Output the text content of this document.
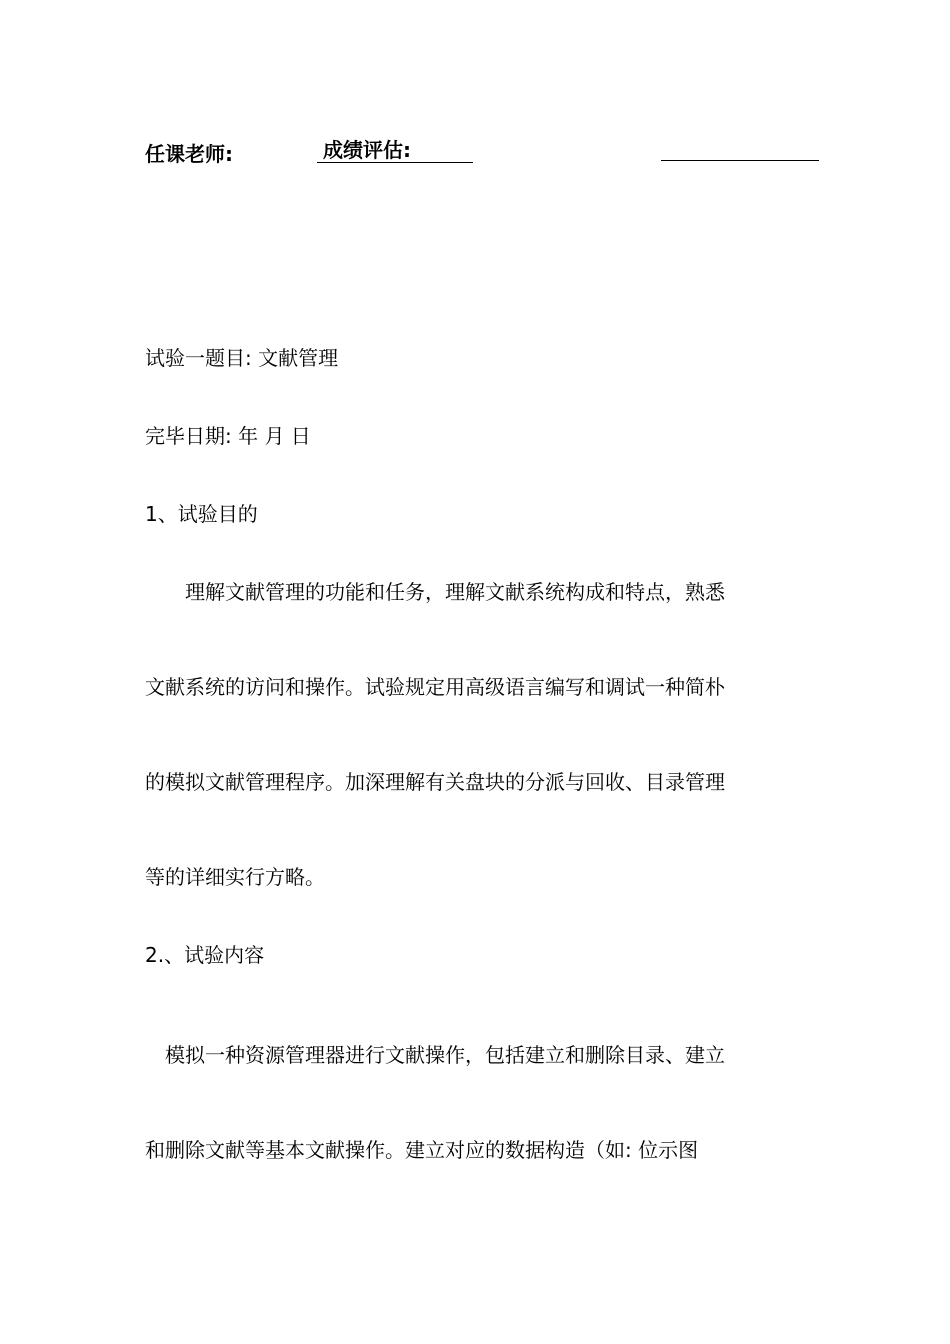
任课老师:	成绩评估:
试验一题目: 文献管理
完毕日期: 年 月 日
1、试验目的
　　理解文献管理的功能和任务，理解文献系统构成和特点，熟悉
文献系统的访问和操作。试验规定用高级语言编写和调试一种简朴
的模拟文献管理程序。加深理解有关盘块的分派与回收、目录管理
等的详细实行方略。
2.、试验内容
　模拟一种资源管理器进行文献操作，包括建立和删除目录、建立
和删除文献等基本文献操作。建立对应的数据构造（如: 位示图
